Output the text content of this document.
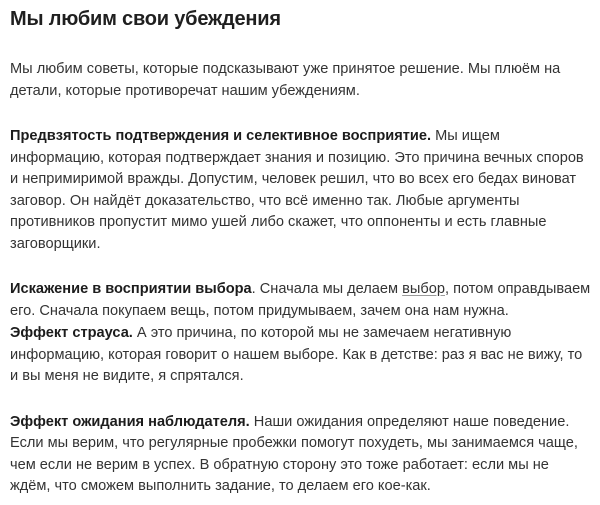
Мы любим свои убеждения

Мы любим советы, которые подсказывают уже принятое решение. Мы плюём на детали, которые противоречат нашим убеждениям.

Предвзятость подтверждения и селективное восприятие. Мы ищем информацию, которая подтверждает знания и позицию. Это причина вечных споров и непримиримой вражды. Допустим, человек решил, что во всех его бедах виноват заговор. Он найдёт доказательство, что всё именно так. Любые аргументы противников пропустит мимо ушей либо скажет, что оппоненты и есть главные заговорщики.

Искажение в восприятии выбора. Сначала мы делаем выбор, потом оправдываем его. Сначала покупаем вещь, потом придумываем, зачем она нам нужна.

Эффект страуса. А это причина, по которой мы не замечаем негативную информацию, которая говорит о нашем выборе. Как в детстве: раз я вас не вижу, то и вы меня не видите, я спрятался.

Эффект ожидания наблюдателя. Наши ожидания определяют наше поведение. Если мы верим, что регулярные пробежки помогут похудеть, мы занимаемся чаще, чем если не верим в успех. В обратную сторону это тоже работает: если мы не ждём, что сможем выполнить задание, то делаем его кое-как.
